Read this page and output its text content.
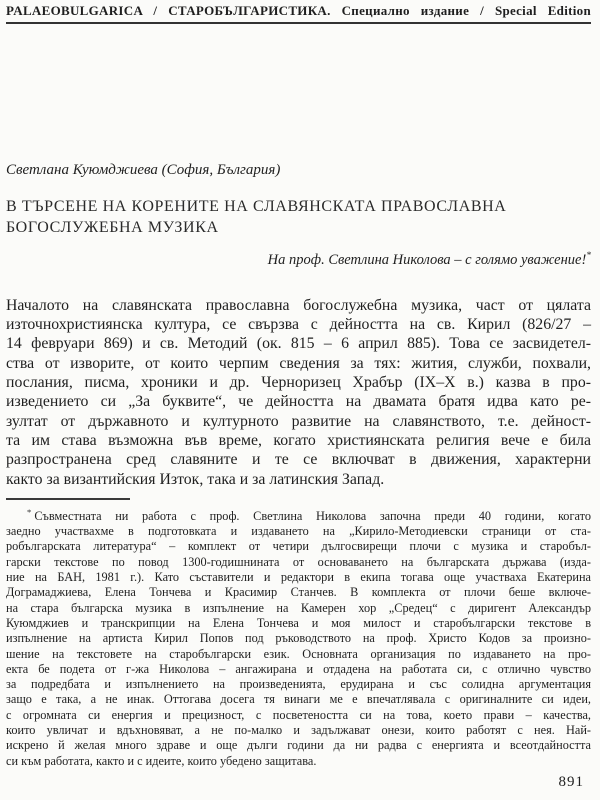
PALAEOBULGARICA / СТАРОБЪЛГАРИСТИКА. Специално издание / Special Edition
Светлана Куюмджиева (София, България)
В ТЪРСЕНЕ НА КОРЕНИТЕ НА СЛАВЯНСКАТА ПРАВОСЛАВНА
БОГОСЛУЖЕБНА МУЗИКА
На проф. Светлина Николова – с голямо уважение!*
Началото на славянската православна богослужебна музика, част от цялата
източнохристиянска култура, се свързва с дейността на св. Кирил (826/27 –
14 февруари 869) и св. Методий (ок. 815 – 6 април 885). Това се засвидетел-
ства от изворите, от които черпим сведения за тях: жития, служби, похвали,
послания, писма, хроники и др. Черноризец Храбър (IX–X в.) казва в про-
изведението си „За буквите“, че дейността на двамата братя идва като ре-
зултат от държавното и културното развитие на славянството, т.е. дейност-
та им става възможна във време, когато християнската религия вече е била
разпространена сред славяните и те се включват в движения, характерни
както за византийския Изток, така и за латинския Запад.
* Съвместната ни работа с проф. Светлина Николова започна преди 40 години, когато
заедно участвахме в подготовката и издаването на „Кирило-Методиевски страници от ста-
робългарската литература“ – комплект от четири дългосвирещи плочи с музика и старобъл-
гарски текстове по повод 1300-годишнината от основаването на българската държава (изда-
ние на БАН, 1981 г.). Като съставители и редактори в екипа тогава още участваха Екатерина
Дограмаджиева, Елена Тончева и Красимир Станчев. В комплекта от плочи беше включе-
на стара българска музика в изпълнение на Камерен хор „Средец“ с диригент Александър
Куюмджиев и транскрипции на Елена Тончева и моя милост и старобългарски текстове в
изпълнение на артиста Кирил Попов под ръководството на проф. Христо Кодов за произно-
шение на текстовете на старобългарски език. Основната организация по издаването на про-
екта бе подета от г-жа Николова – ангажирана и отдадена на работата си, с отлично чувство
за подредбата и изпълнението на произведенията, ерудирана и със солидна аргументация
защо е така, а не инак. Оттогава досега тя винаги ме е впечатлявала с оригиналните си идеи,
с огромната си енергия и прецизност, с посветеността си на това, което прави – качества,
които увличат и вдъхновяват, а не по-малко и задължават онези, които работят с нея. Най-
искрено й желая много здраве и още дълги години да ни радва с енергията и всеотдайността
си към работата, както и с идеите, които убедено защитава.
891
